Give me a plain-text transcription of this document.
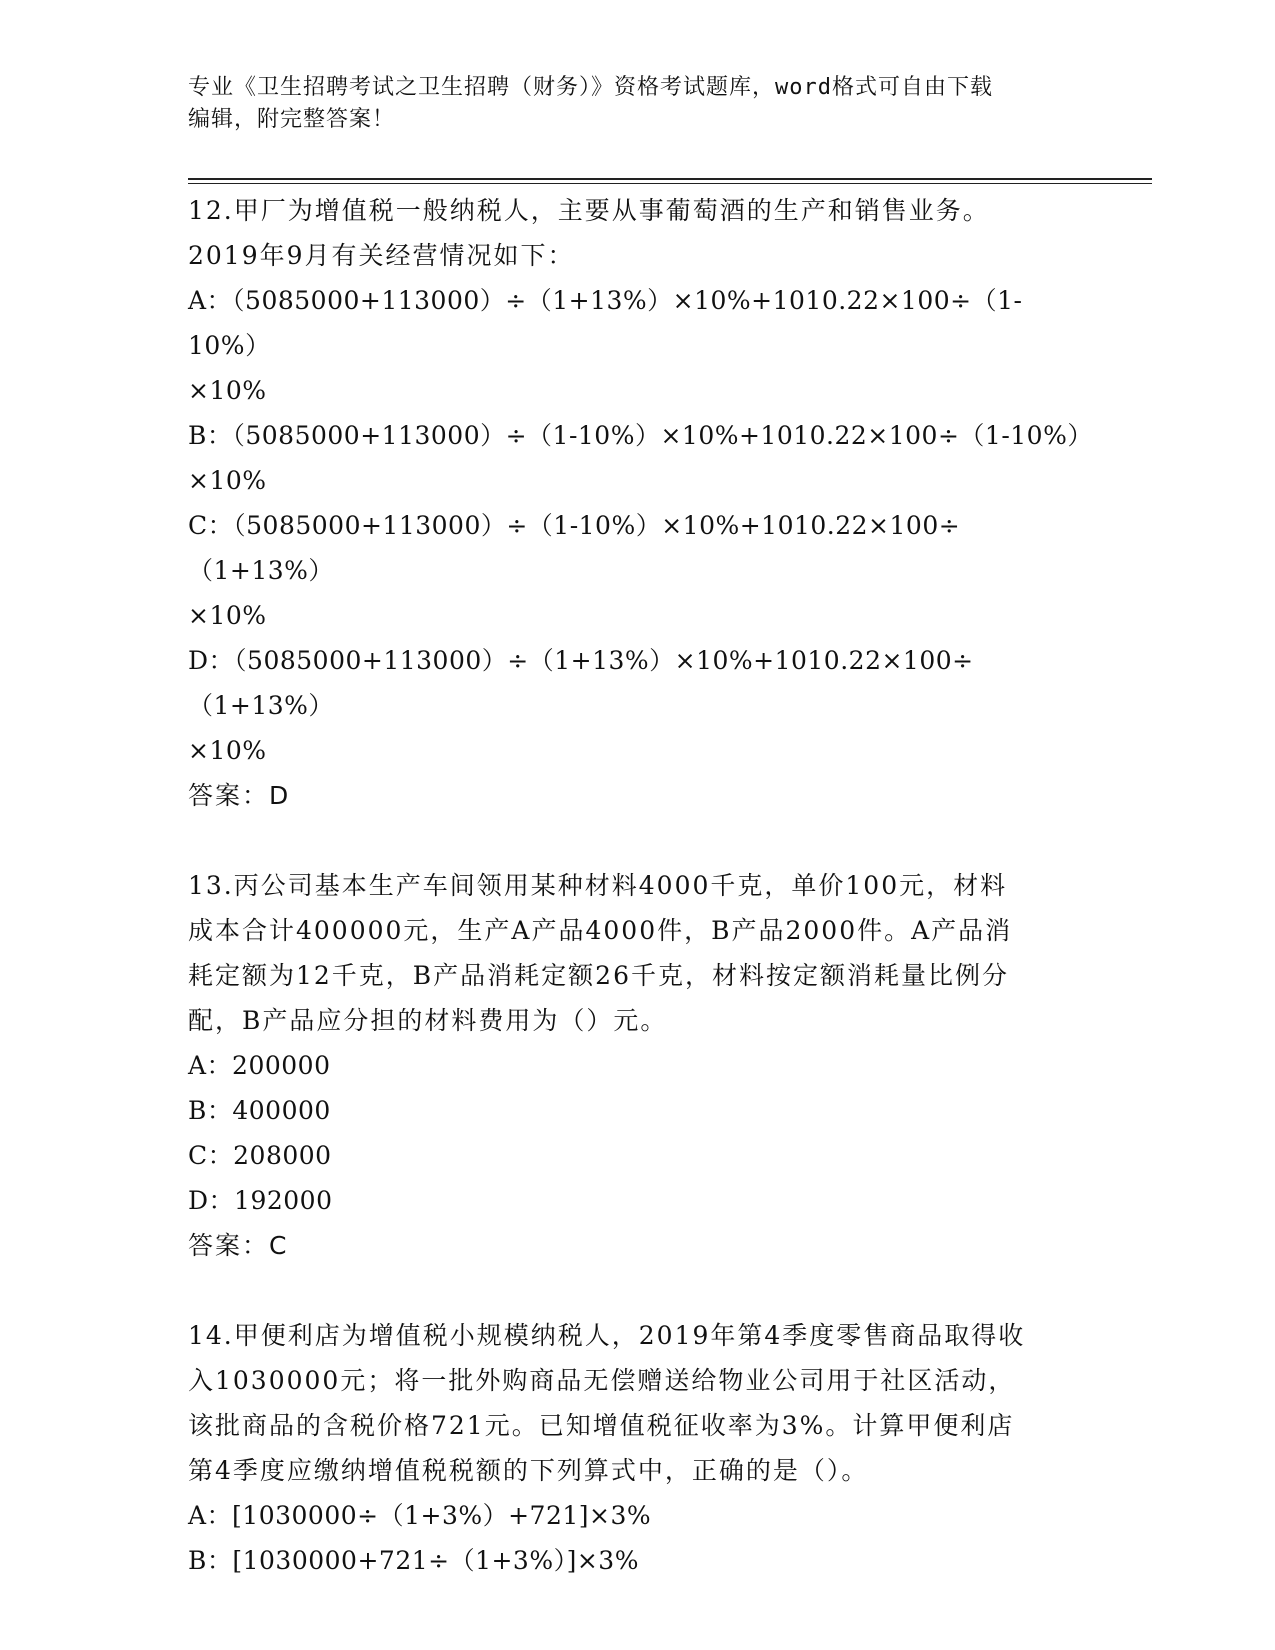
专业《卫生招聘考试之卫生招聘（财务）》资格考试题库，word格式可自由下载
编辑，附完整答案！
12.甲厂为增值税一般纳税人，主要从事葡萄酒的生产和销售业务。
2019年9月有关经营情况如下：
A：（5085000+113000）÷（1+13%）×10%+1010.22×100÷（1-10%）
×10%
B：（5085000+113000）÷（1-10%）×10%+1010.22×100÷（1-10%）
×10%
C：（5085000+113000）÷（1-10%）×10%+1010.22×100÷（1+13%）
×10%
D：（5085000+113000）÷（1+13%）×10%+1010.22×100÷（1+13%）
×10%
答案：D
13.丙公司基本生产车间领用某种材料4000千克，单价100元，材料
成本合计400000元，生产A产品4000件，B产品2000件。A产品消
耗定额为12千克，B产品消耗定额26千克，材料按定额消耗量比例分
配，B产品应分担的材料费用为（）元。
A：200000
B：400000
C：208000
D：192000
答案：C
14.甲便利店为增值税小规模纳税人，2019年第4季度零售商品取得收
入1030000元；将一批外购商品无偿赠送给物业公司用于社区活动，
该批商品的含税价格721元。已知增值税征收率为3%。计算甲便利店
第4季度应缴纳增值税税额的下列算式中，正确的是（）。
A：[1030000÷（1+3%）+721]×3%
B：[1030000+721÷（1+3%）]×3%
